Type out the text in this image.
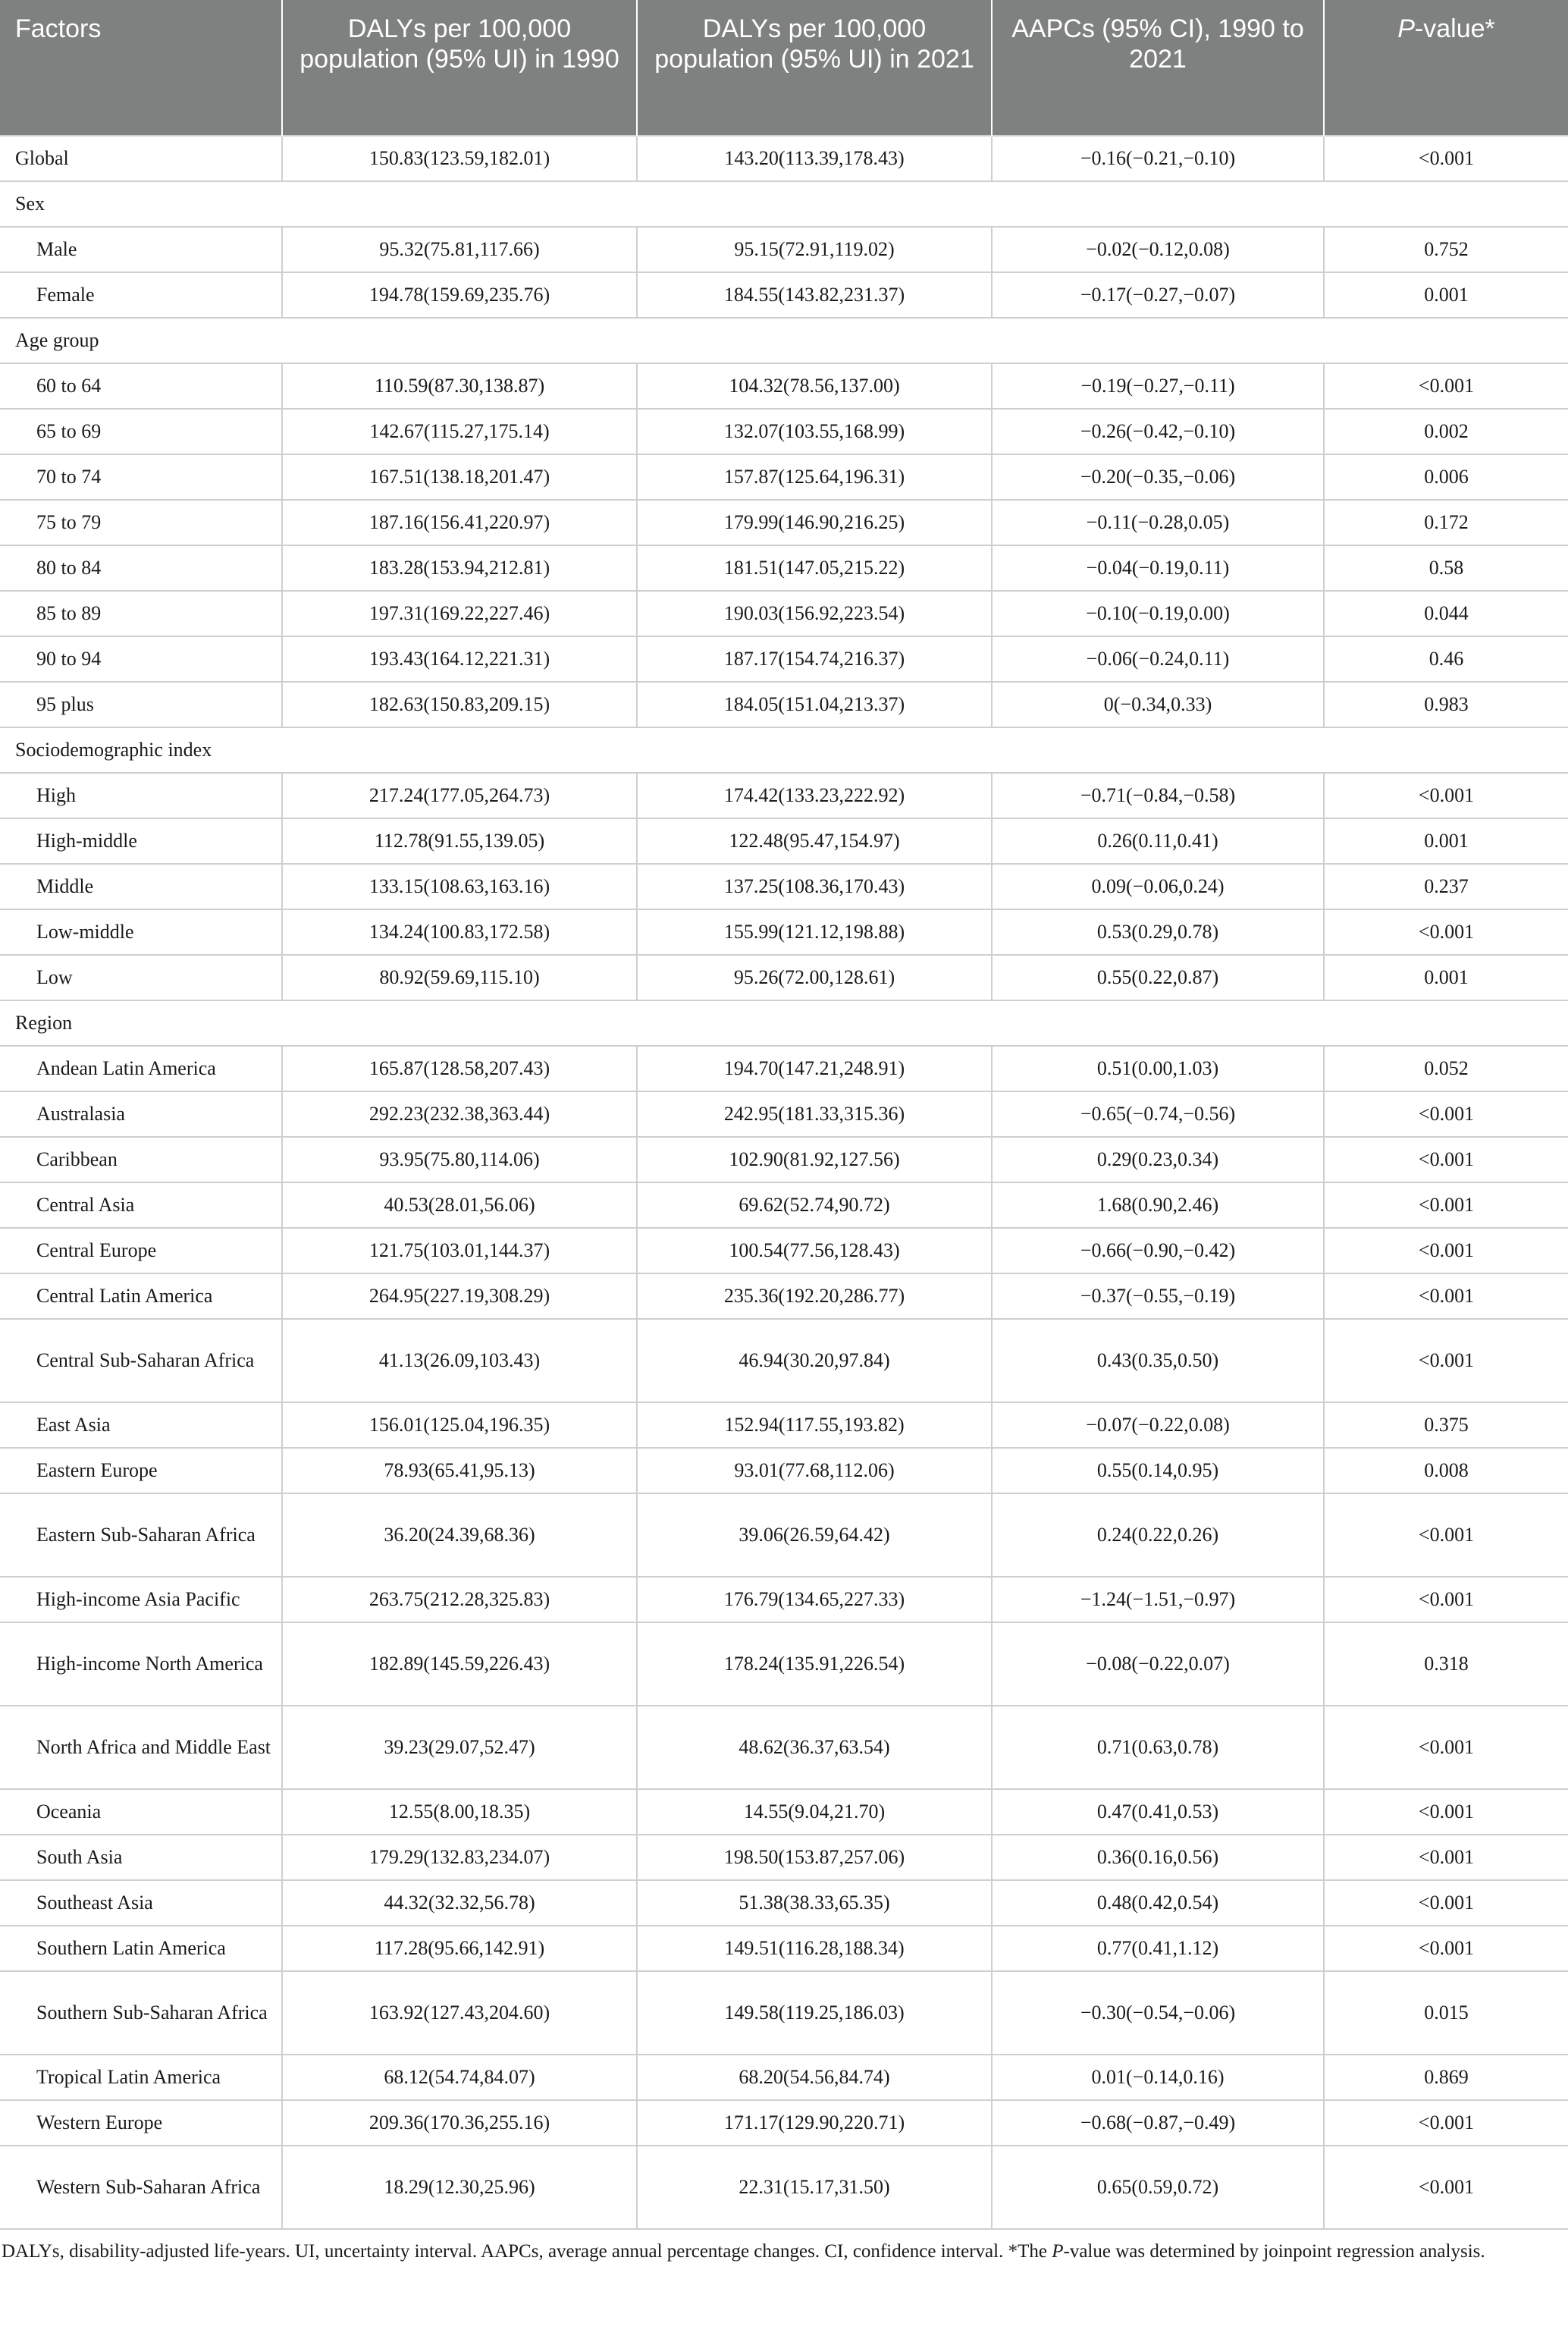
Factors	DALYs per 100,000 population (95% UI) in 1990	DALYs per 100,000 population (95% UI) in 2021	AAPCs (95% CI), 1990 to 2021	P-value*
Global	150.83(123.59,182.01)	143.20(113.39,178.43)	−0.16(−0.21,−0.10)	<0.001
Sex				
Male	95.32(75.81,117.66)	95.15(72.91,119.02)	−0.02(−0.12,0.08)	0.752
Female	194.78(159.69,235.76)	184.55(143.82,231.37)	−0.17(−0.27,−0.07)	0.001
Age group				
60 to 64	110.59(87.30,138.87)	104.32(78.56,137.00)	−0.19(−0.27,−0.11)	<0.001
65 to 69	142.67(115.27,175.14)	132.07(103.55,168.99)	−0.26(−0.42,−0.10)	0.002
70 to 74	167.51(138.18,201.47)	157.87(125.64,196.31)	−0.20(−0.35,−0.06)	0.006
75 to 79	187.16(156.41,220.97)	179.99(146.90,216.25)	−0.11(−0.28,0.05)	0.172
80 to 84	183.28(153.94,212.81)	181.51(147.05,215.22)	−0.04(−0.19,0.11)	0.58
85 to 89	197.31(169.22,227.46)	190.03(156.92,223.54)	−0.10(−0.19,0.00)	0.044
90 to 94	193.43(164.12,221.31)	187.17(154.74,216.37)	−0.06(−0.24,0.11)	0.46
95 plus	182.63(150.83,209.15)	184.05(151.04,213.37)	0(−0.34,0.33)	0.983
Sociodemographic index				
High	217.24(177.05,264.73)	174.42(133.23,222.92)	−0.71(−0.84,−0.58)	<0.001
High-middle	112.78(91.55,139.05)	122.48(95.47,154.97)	0.26(0.11,0.41)	0.001
Middle	133.15(108.63,163.16)	137.25(108.36,170.43)	0.09(−0.06,0.24)	0.237
Low-middle	134.24(100.83,172.58)	155.99(121.12,198.88)	0.53(0.29,0.78)	<0.001
Low	80.92(59.69,115.10)	95.26(72.00,128.61)	0.55(0.22,0.87)	0.001
Region				
Andean Latin America	165.87(128.58,207.43)	194.70(147.21,248.91)	0.51(0.00,1.03)	0.052
Australasia	292.23(232.38,363.44)	242.95(181.33,315.36)	−0.65(−0.74,−0.56)	<0.001
Caribbean	93.95(75.80,114.06)	102.90(81.92,127.56)	0.29(0.23,0.34)	<0.001
Central Asia	40.53(28.01,56.06)	69.62(52.74,90.72)	1.68(0.90,2.46)	<0.001
Central Europe	121.75(103.01,144.37)	100.54(77.56,128.43)	−0.66(−0.90,−0.42)	<0.001
Central Latin America	264.95(227.19,308.29)	235.36(192.20,286.77)	−0.37(−0.55,−0.19)	<0.001
Central Sub-Saharan Africa	41.13(26.09,103.43)	46.94(30.20,97.84)	0.43(0.35,0.50)	<0.001
East Asia	156.01(125.04,196.35)	152.94(117.55,193.82)	−0.07(−0.22,0.08)	0.375
Eastern Europe	78.93(65.41,95.13)	93.01(77.68,112.06)	0.55(0.14,0.95)	0.008
Eastern Sub-Saharan Africa	36.20(24.39,68.36)	39.06(26.59,64.42)	0.24(0.22,0.26)	<0.001
High-income Asia Pacific	263.75(212.28,325.83)	176.79(134.65,227.33)	−1.24(−1.51,−0.97)	<0.001
High-income North America	182.89(145.59,226.43)	178.24(135.91,226.54)	−0.08(−0.22,0.07)	0.318
North Africa and Middle East	39.23(29.07,52.47)	48.62(36.37,63.54)	0.71(0.63,0.78)	<0.001
Oceania	12.55(8.00,18.35)	14.55(9.04,21.70)	0.47(0.41,0.53)	<0.001
South Asia	179.29(132.83,234.07)	198.50(153.87,257.06)	0.36(0.16,0.56)	<0.001
Southeast Asia	44.32(32.32,56.78)	51.38(38.33,65.35)	0.48(0.42,0.54)	<0.001
Southern Latin America	117.28(95.66,142.91)	149.51(116.28,188.34)	0.77(0.41,1.12)	<0.001
Southern Sub-Saharan Africa	163.92(127.43,204.60)	149.58(119.25,186.03)	−0.30(−0.54,−0.06)	0.015
Tropical Latin America	68.12(54.74,84.07)	68.20(54.56,84.74)	0.01(−0.14,0.16)	0.869
Western Europe	209.36(170.36,255.16)	171.17(129.90,220.71)	−0.68(−0.87,−0.49)	<0.001
Western Sub-Saharan Africa	18.29(12.30,25.96)	22.31(15.17,31.50)	0.65(0.59,0.72)	<0.001
DALYs, disability-adjusted life-years. UI, uncertainty interval. AAPCs, average annual percentage changes. CI, confidence interval. *The P-value was determined by joinpoint regression analysis.
